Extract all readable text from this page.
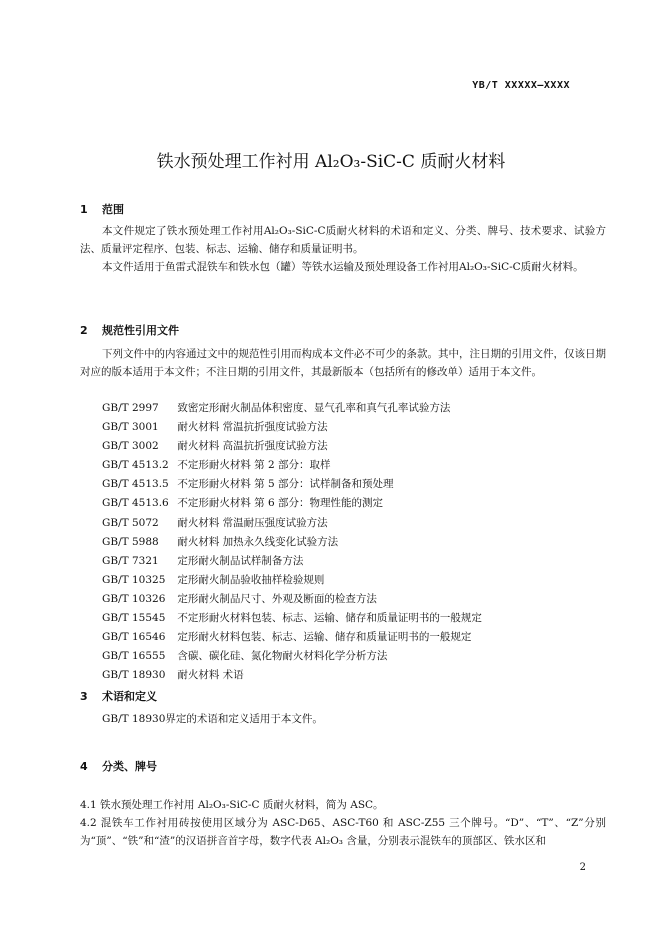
YB/T XXXXX—XXXX
铁水预处理工作衬用 Al₂O₃-SiC-C 质耐火材料
1 范围

本文件规定了铁水预处理工作衬用Al₂O₃-SiC-C质耐火材料的术语和定义、分类、牌号、技术要求、试验方法、质量评定程序、包装、标志、运输、储存和质量证明书。

本文件适用于鱼雷式混铁车和铁水包（罐）等铁水运输及预处理设备工作衬用Al₂O₃-SiC-C质耐火材料。

2 规范性引用文件

下列文件中的内容通过文中的规范性引用而构成本文件必不可少的条款。其中，注日期的引用文件，仅该日期对应的版本适用于本文件；不注日期的引用文件，其最新版本（包括所有的修改单）适用于本文件。

GB/T 2997 致密定形耐火制品体积密度、显气孔率和真气孔率试验方法
GB/T 3001 耐火材料 常温抗折强度试验方法
GB/T 3002 耐火材料 高温抗折强度试验方法
GB/T 4513.2 不定形耐火材料 第 2 部分：取样
GB/T 4513.5 不定形耐火材料 第 5 部分：试样制备和预处理
GB/T 4513.6 不定形耐火材料 第 6 部分：物理性能的测定
GB/T 5072 耐火材料 常温耐压强度试验方法
GB/T 5988 耐火材料 加热永久线变化试验方法
GB/T 7321 定形耐火制品试样制备方法
GB/T 10325 定形耐火制品验收抽样检验规则
GB/T 10326 定形耐火制品尺寸、外观及断面的检查方法
GB/T 15545 不定形耐火材料包装、标志、运输、储存和质量证明书的一般规定
GB/T 16546 定形耐火材料包装、标志、运输、储存和质量证明书的一般规定
GB/T 16555 含碳、碳化硅、氮化物耐火材料化学分析方法
GB/T 18930 耐火材料 术语
3 术语和定义

GB/T 18930界定的术语和定义适用于本文件。

4 分类、牌号

4.1 铁水预处理工作衬用 Al₂O₃-SiC-C 质耐火材料，简为 ASC。

4.2 混铁车工作衬用砖按使用区域分为 ASC-D65、ASC-T60 和 ASC-Z55 三个牌号。“D”、“T”、“Z”分别为“顶”、“铁”和“渣”的汉语拼音首字母，数字代表 Al₂O₃ 含量，分别表示混铁车的顶部区、铁水区和

2
